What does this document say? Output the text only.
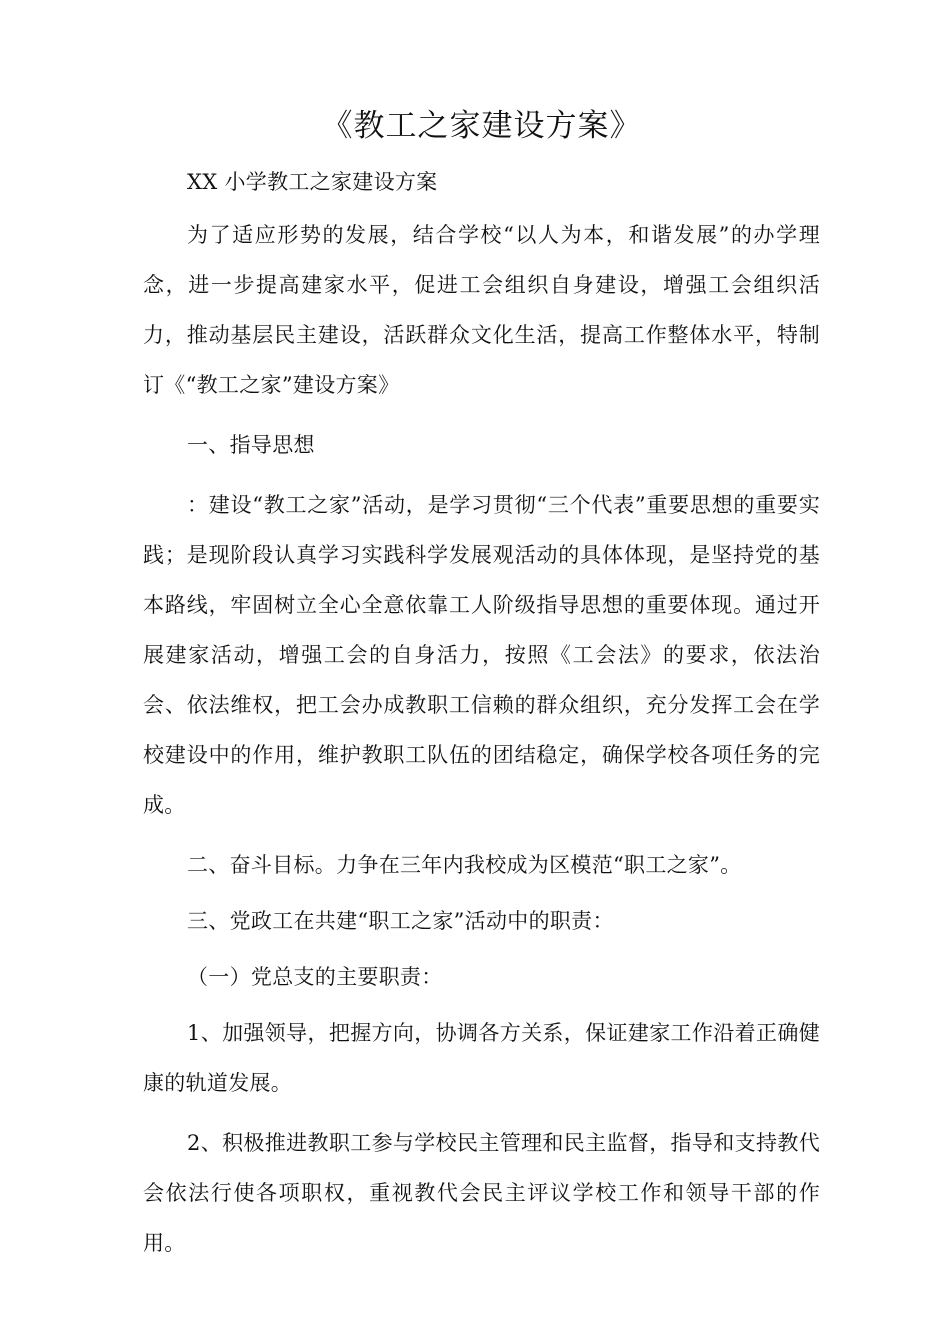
《教工之家建设方案》

XX 小学教工之家建设方案

为了适应形势的发展，结合学校“以人为本，和谐发展”的办学理念，进一步提高建家水平，促进工会组织自身建设，增强工会组织活力，推动基层民主建设，活跃群众文化生活，提高工作整体水平，特制订《“教工之家”建设方案》

一、指导思想

：建设“教工之家”活动，是学习贯彻“三个代表”重要思想的重要实践；是现阶段认真学习实践科学发展观活动的具体体现，是坚持党的基本路线，牢固树立全心全意依靠工人阶级指导思想的重要体现。通过开展建家活动，增强工会的自身活力，按照《工会法》的要求，依法治会、依法维权，把工会办成教职工信赖的群众组织，充分发挥工会在学校建设中的作用，维护教职工队伍的团结稳定，确保学校各项任务的完成。

二、奋斗目标。力争在三年内我校成为区模范“职工之家”。

三、党政工在共建“职工之家”活动中的职责：

（一）党总支的主要职责：

1、加强领导，把握方向，协调各方关系，保证建家工作沿着正确健康的轨道发展。

2、积极推进教职工参与学校民主管理和民主监督，指导和支持教代会依法行使各项职权，重视教代会民主评议学校工作和领导干部的作用。
